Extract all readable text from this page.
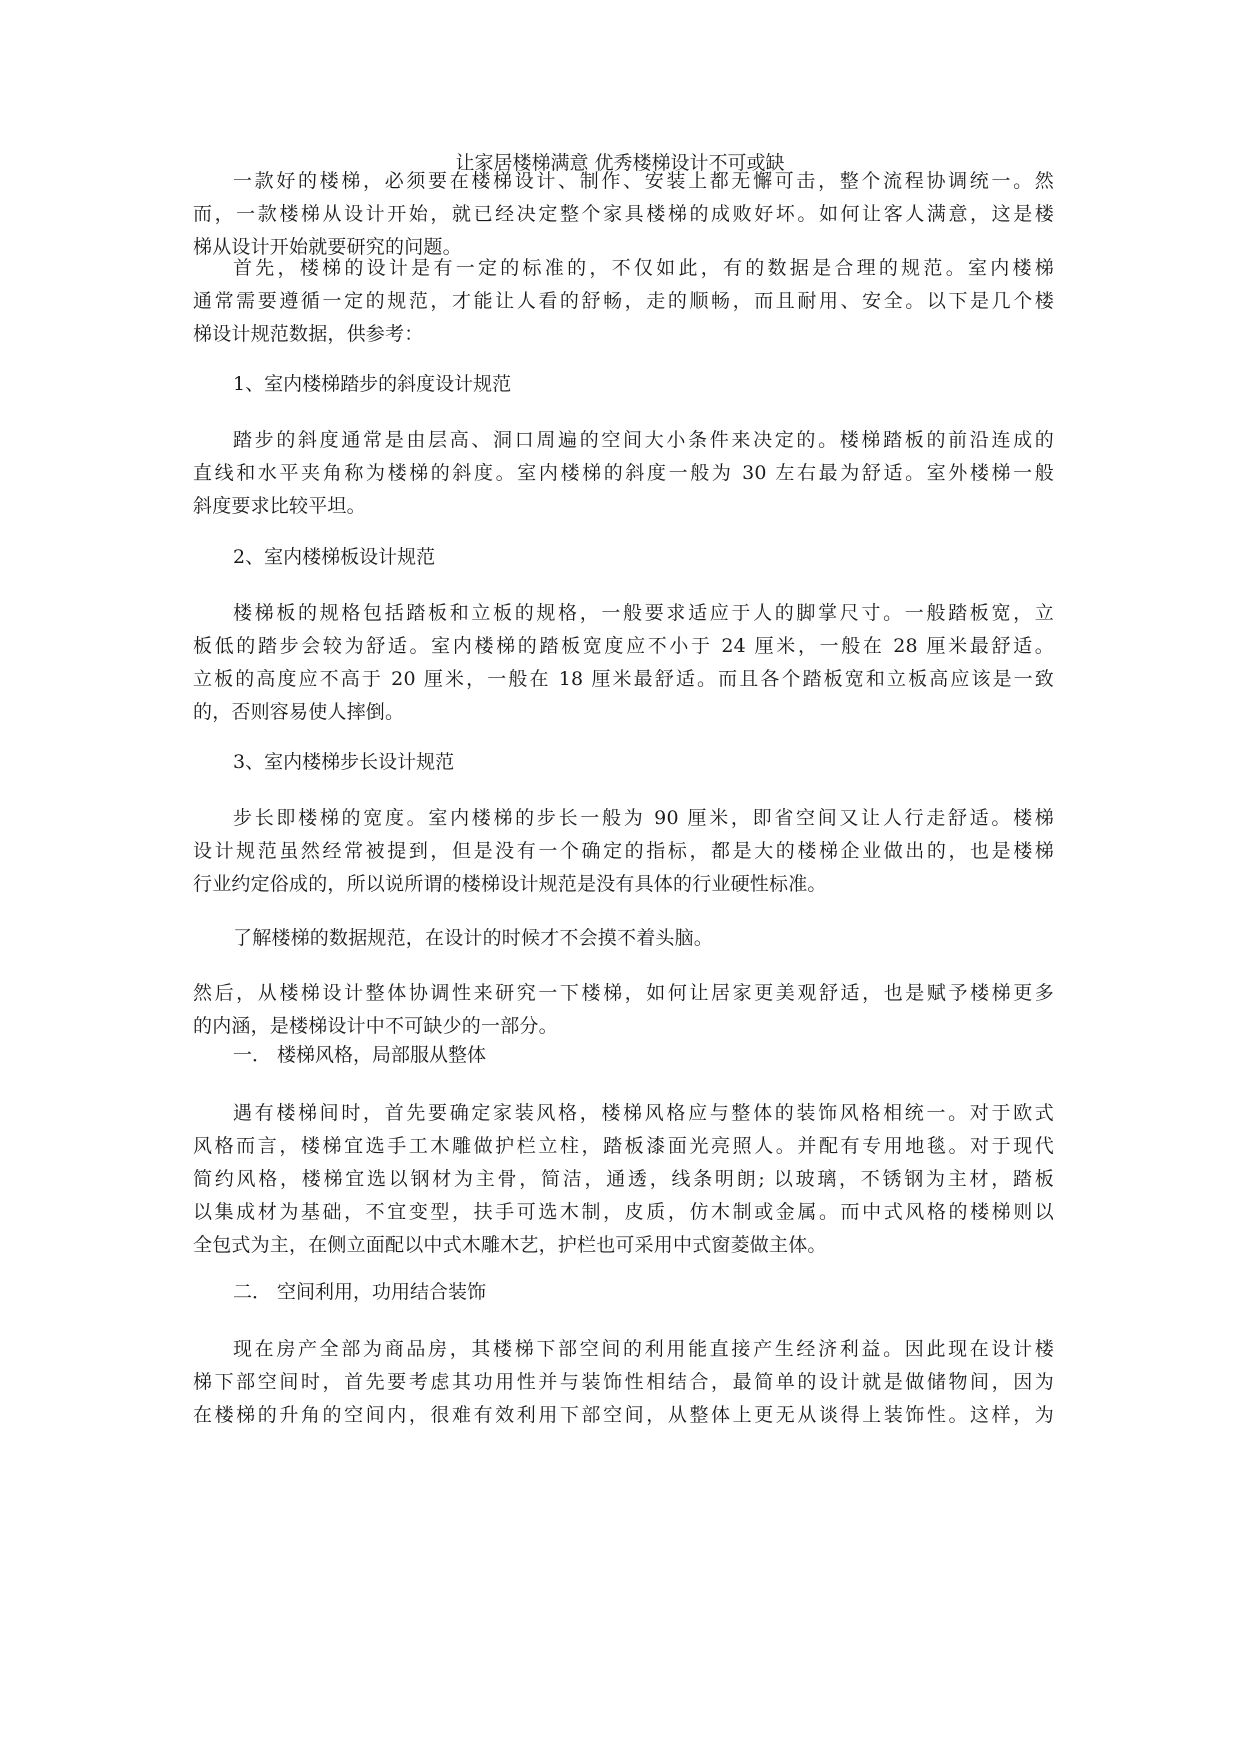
让家居楼梯满意 优秀楼梯设计不可或缺
一款好的楼梯，必须要在楼梯设计、制作、安装上都无懈可击，整个流程协调统一。然
而，一款楼梯从设计开始，就已经决定整个家具楼梯的成败好坏。如何让客人满意，这是楼
梯从设计开始就要研究的问题。
首先，楼梯的设计是有一定的标准的，不仅如此，有的数据是合理的规范。室内楼梯
通常需要遵循一定的规范，才能让人看的舒畅，走的顺畅，而且耐用、安全。以下是几个楼
梯设计规范数据，供参考：
1、室内楼梯踏步的斜度设计规范
踏步的斜度通常是由层高、洞口周遍的空间大小条件来决定的。楼梯踏板的前沿连成的
直线和水平夹角称为楼梯的斜度。室内楼梯的斜度一般为 30 左右最为舒适。室外楼梯一般
斜度要求比较平坦。
2、室内楼梯板设计规范
楼梯板的规格包括踏板和立板的规格，一般要求适应于人的脚掌尺寸。一般踏板宽，立
板低的踏步会较为舒适。室内楼梯的踏板宽度应不小于 24 厘米，一般在 28 厘米最舒适。
立板的高度应不高于 20 厘米，一般在 18 厘米最舒适。而且各个踏板宽和立板高应该是一致
的，否则容易使人摔倒。
3、室内楼梯步长设计规范
步长即楼梯的宽度。室内楼梯的步长一般为 90 厘米，即省空间又让人行走舒适。楼梯
设计规范虽然经常被提到，但是没有一个确定的指标，都是大的楼梯企业做出的，也是楼梯
行业约定俗成的，所以说所谓的楼梯设计规范是没有具体的行业硬性标准。
了解楼梯的数据规范，在设计的时候才不会摸不着头脑。
然后，从楼梯设计整体协调性来研究一下楼梯，如何让居家更美观舒适，也是赋予楼梯更多
的内涵，是楼梯设计中不可缺少的一部分。
一． 楼梯风格，局部服从整体
遇有楼梯间时，首先要确定家装风格，楼梯风格应与整体的装饰风格相统一。对于欧式
风格而言，楼梯宜选手工木雕做护栏立柱，踏板漆面光亮照人。并配有专用地毯。对于现代
简约风格，楼梯宜选以钢材为主骨，简洁，通透，线条明朗; 以玻璃，不锈钢为主材，踏板
以集成材为基础，不宜变型，扶手可选木制，皮质，仿木制或金属。而中式风格的楼梯则以
全包式为主，在侧立面配以中式木雕木艺，护栏也可采用中式窗菱做主体。
二． 空间利用，功用结合装饰
现在房产全部为商品房，其楼梯下部空间的利用能直接产生经济利益。因此现在设计楼
梯下部空间时，首先要考虑其功用性并与装饰性相结合，最简单的设计就是做储物间，因为
在楼梯的升角的空间内，很难有效利用下部空间，从整体上更无从谈得上装饰性。这样，为
